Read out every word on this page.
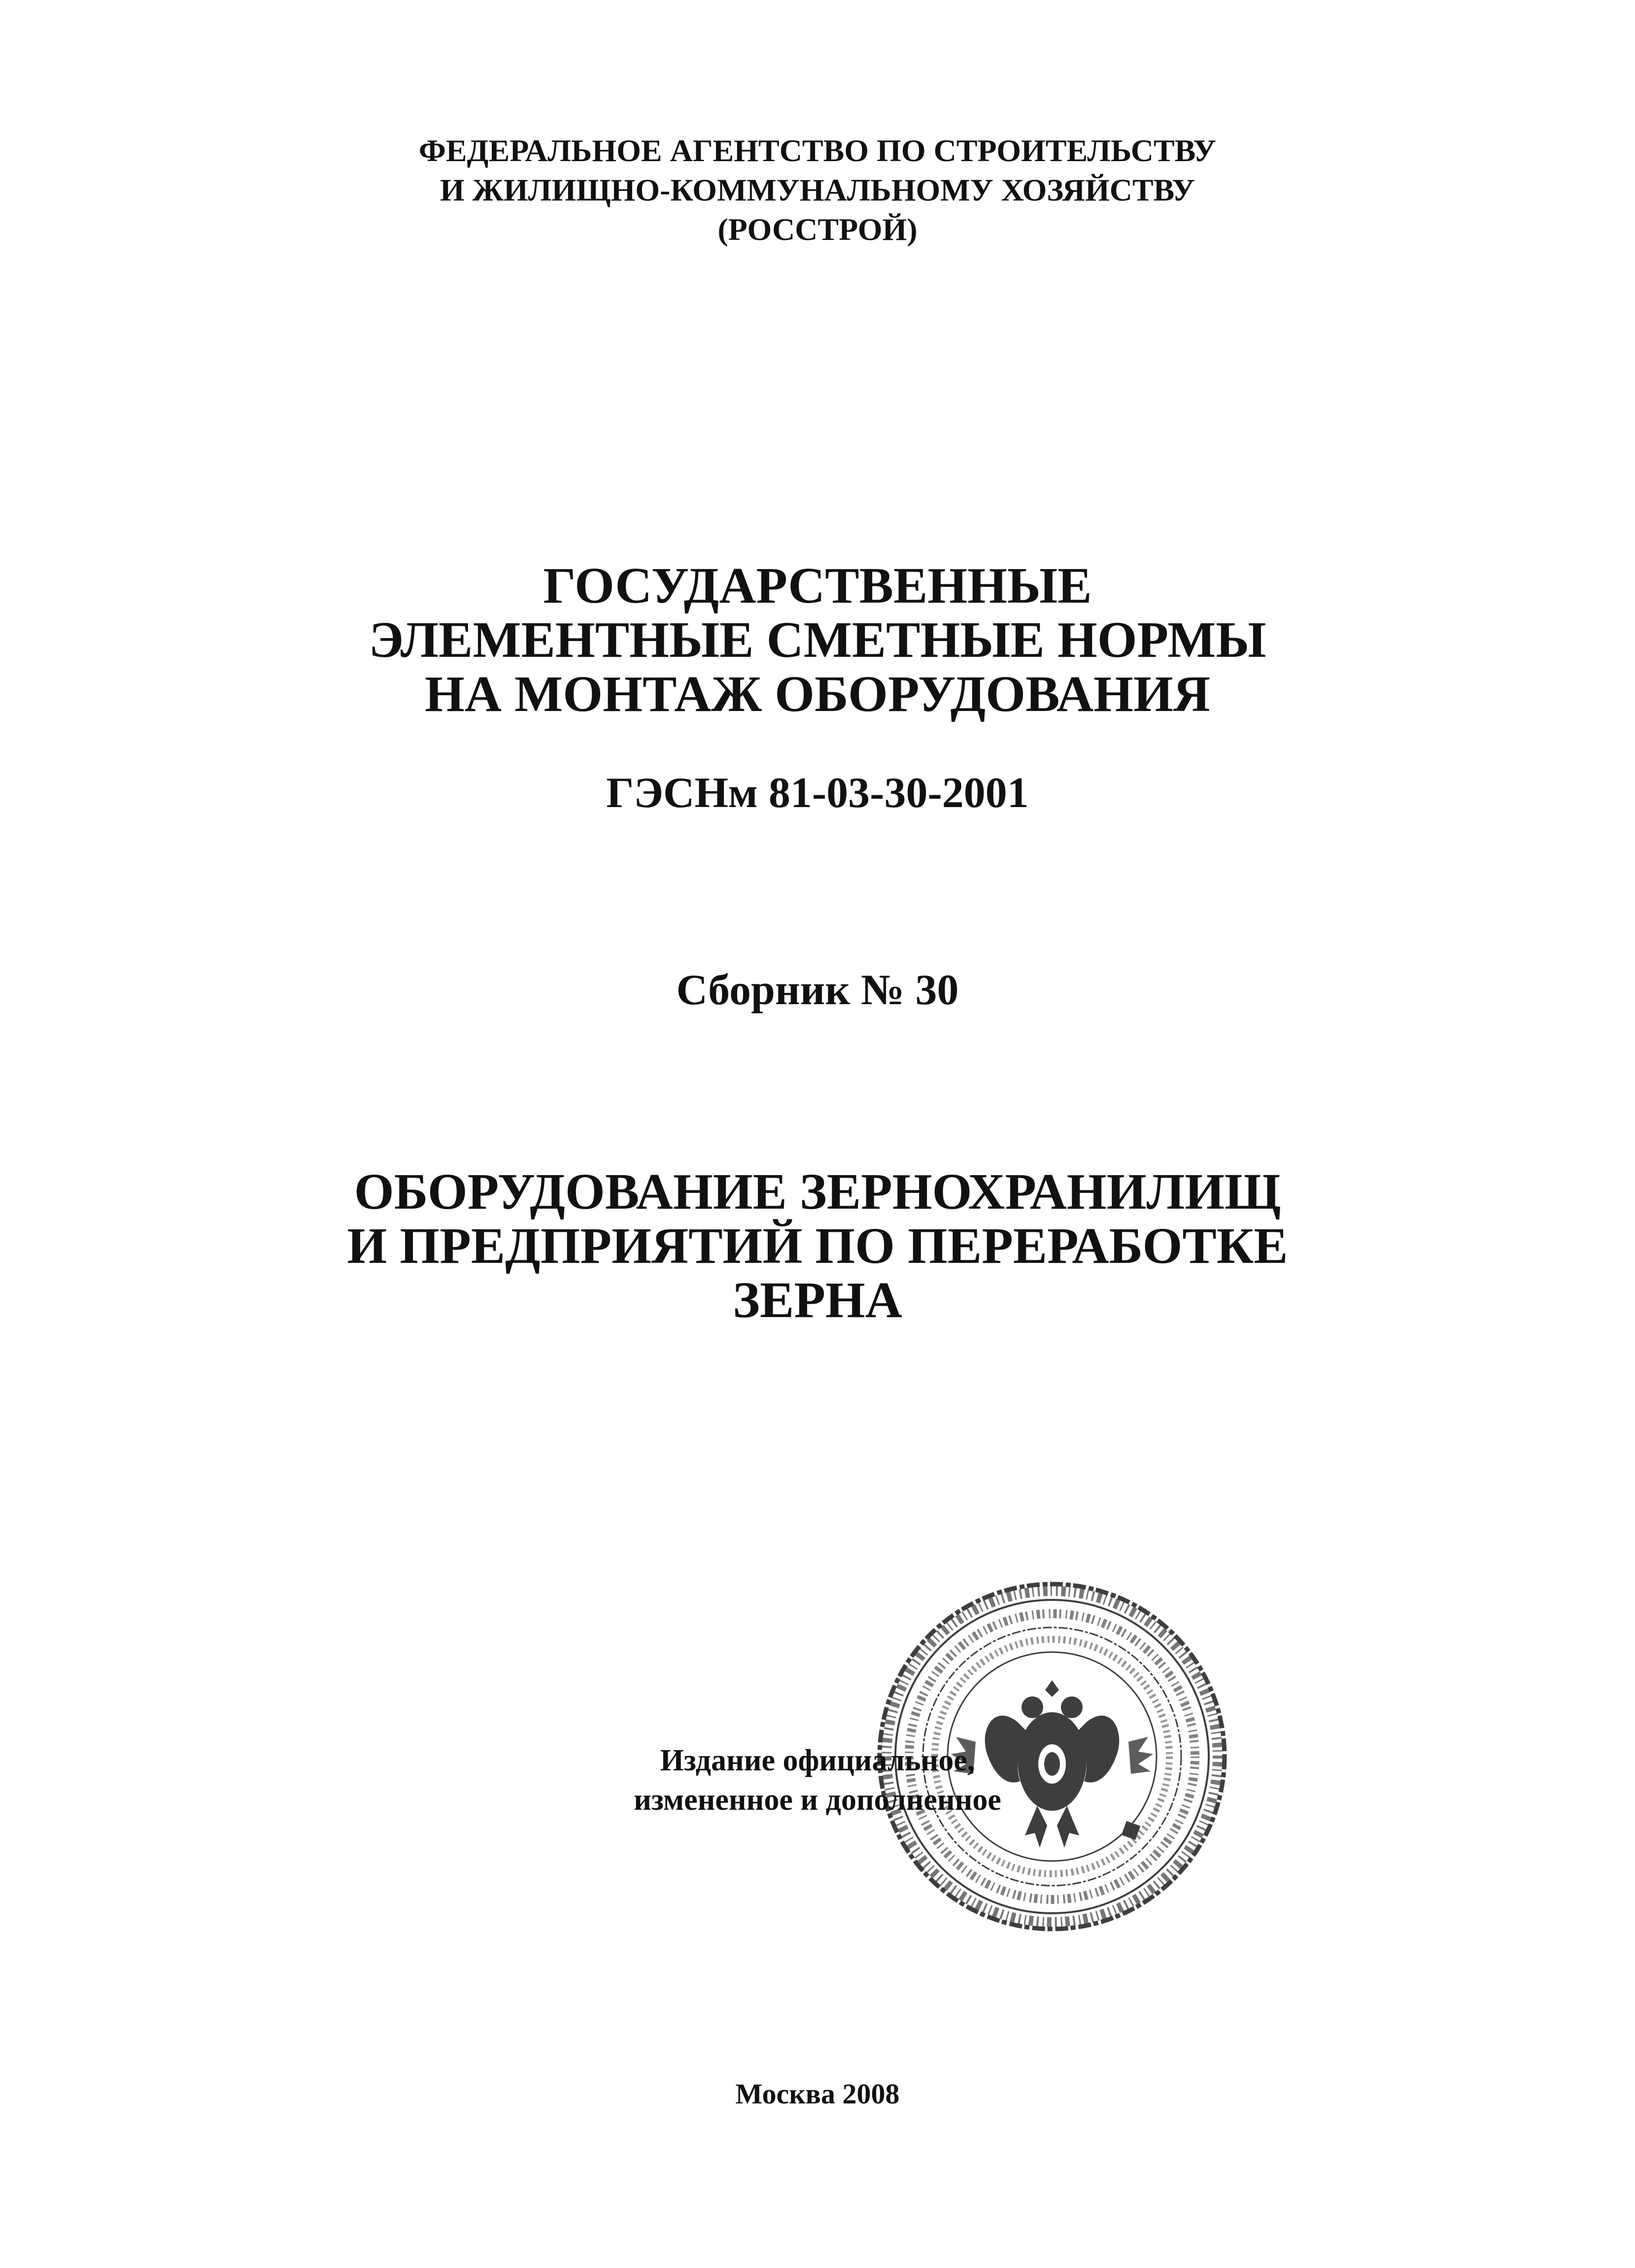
ФЕДЕРАЛЬНОЕ АГЕНТСТВО ПО СТРОИТЕЛЬСТВУ
И ЖИЛИЩНО-КОММУНАЛЬНОМУ ХОЗЯЙСТВУ
(РОССТРОЙ)
ГОСУДАРСТВЕННЫЕ
ЭЛЕМЕНТНЫЕ СМЕТНЫЕ НОРМЫ
НА МОНТАЖ ОБОРУДОВАНИЯ
ГЭСНм 81-03-30-2001
Сборник № 30
ОБОРУДОВАНИЕ ЗЕРНОХРАНИЛИЩ
И ПРЕДПРИЯТИЙ ПО ПЕРЕРАБОТКЕ
ЗЕРНА
Издание официальное,
измененное и дополненное
Москва 2008
